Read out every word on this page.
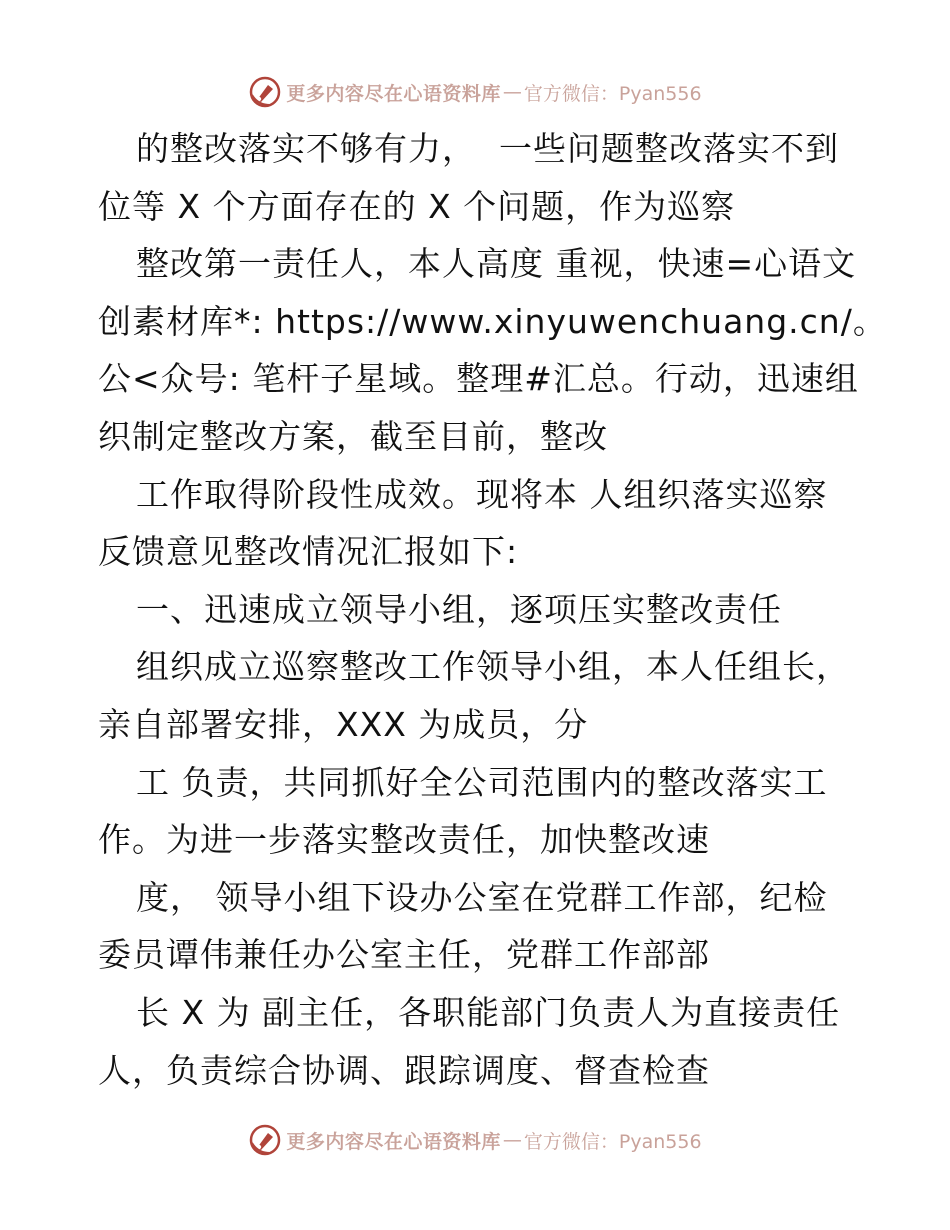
更多内容尽在心语资料库 — 官方微信：Pyan556
的整改落实不够有力，  一些问题整改落实不到
位等 X 个方面存在的 X 个问题，作为巡察
整改第一责任人，本人高度 重视，快速=心语文
创素材库*: https://www.xinyuwenchuang.cn/。
公<众号: 笔杆子星域。整理#汇总。行动，迅速组
织制定整改方案，截至目前，整改
工作取得阶段性成效。现将本 人组织落实巡察
反馈意见整改情况汇报如下:
一、迅速成立领导小组，逐项压实整改责任
组织成立巡察整改工作领导小组，本人任组长，
亲自部署安排，XXX 为成员，分
工 负责，共同抓好全公司范围内的整改落实工
作。为进一步落实整改责任，加快整改速
度， 领导小组下设办公室在党群工作部，纪检
委员谭伟兼任办公室主任，党群工作部部
长 X 为 副主任，各职能部门负责人为直接责任
人，负责综合协调、跟踪调度、督查检查
更多内容尽在心语资料库 — 官方微信：Pyan556
